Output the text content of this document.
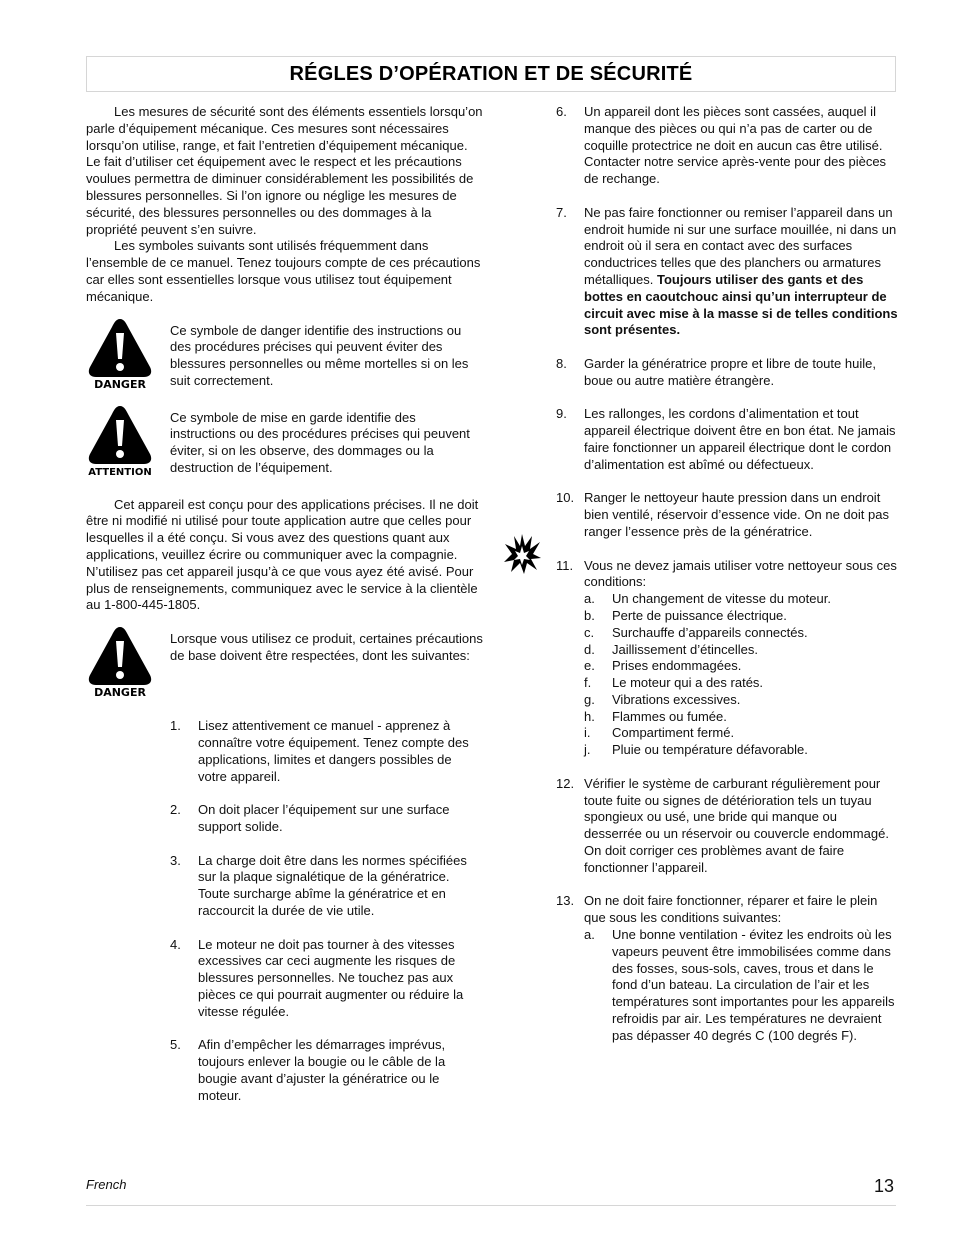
RÉGLES D’OPÉRATION ET DE SÉCURITÉ

Les mesures de sécurité sont des éléments essentiels lorsqu’on parle d’équipement mécanique. Ces mesures sont nécessaires lorsqu’on utilise, range, et fait l’entretien d’équipement mécanique. Le fait d’utiliser cet équipement avec le respect et les précautions voulues permettra de diminuer considérablement les possibilités de blessures personnelles. Si l’on ignore ou néglige les mesures de sécurité, des blessures personnelles ou des dommages à la propriété peuvent s’en suivre.

Les symboles suivants sont utilisés fréquemment dans l’ensemble de ce manuel. Tenez toujours compte de ces précautions car elles sont essentielles lorsque vous utilisez tout équipement mécanique.

DANGER

Ce symbole de danger identifie des instructions ou des procédures précises qui peuvent éviter des blessures personnelles ou même mortelles si on les suit correctement.

ATTENTION

Ce symbole de mise en garde identifie des instructions ou des procédures précises qui peuvent éviter, si on les observe, des dommages ou la destruction de l’équipement.

Cet appareil est conçu pour des applications précises. Il ne doit être ni modifié ni utilisé pour toute application autre que celles pour lesquelles il a été conçu. Si vous avez des questions quant aux applications, veuillez écrire ou communiquer avec la compagnie. N’utilisez pas cet appareil jusqu’à ce que vous ayez été avisé. Pour plus de renseignements, communiquez avec le service à la clientèle au 1-800-445-1805.

DANGER

Lorsque vous utilisez ce produit, certaines précautions de base doivent être respectées, dont les suivantes:

1. Lisez attentivement ce manuel - apprenez à connaître votre équipement. Tenez compte des applications, limites et dangers possibles de votre appareil.
2. On doit placer l’équipement sur une surface support solide.
3. La charge doit être dans les normes spécifiées sur la plaque signalétique de la génératrice. Toute surcharge abîme la génératrice et en raccourcit la durée de vie utile.
4. Le moteur ne doit pas tourner à des vitesses excessives car ceci augmente les risques de blessures personnelles. Ne touchez pas aux pièces ce qui pourrait augmenter ou réduire la vitesse régulée.
5. Afin d’empêcher les démarrages imprévus, toujours enlever la bougie ou le câble de la bougie avant d’ajuster la génératrice ou le moteur.
6. Un appareil dont les pièces sont cassées, auquel il manque des pièces ou qui n’a pas de carter ou de coquille protectrice ne doit en aucun cas être utilisé. Contacter notre service après-vente pour des pièces de rechange.
7. Ne pas faire fonctionner ou remiser l’appareil dans un endroit humide ni sur une surface mouillée, ni dans un endroit où il sera en contact avec des surfaces conductrices telles que des planchers ou armatures métalliques. Toujours utiliser des gants et des bottes en caoutchouc ainsi qu’un interrupteur de circuit avec mise à la masse si de telles conditions sont présentes.
8. Garder la génératrice propre et libre de toute huile, boue ou autre matière étrangère.
9. Les rallonges, les cordons d’alimentation et tout appareil électrique doivent être en bon état. Ne jamais faire fonctionner un appareil électrique dont le cordon d’alimentation est abîmé ou défectueux.
10. Ranger le nettoyeur haute pression dans un endroit bien ventilé, réservoir d’essence vide. On ne doit pas ranger l’essence près de la génératrice.
11. Vous ne devez jamais utiliser votre nettoyeur sous ces conditions:
a. Un changement de vitesse du moteur.
b. Perte de puissance électrique.
c. Surchauffe d’appareils connectés.
d. Jaillissement d’étincelles.
e. Prises endommagées.
f. Le moteur qui a des ratés.
g. Vibrations excessives.
h. Flammes ou fumée.
i. Compartiment fermé.
j. Pluie ou température défavorable.
12. Vérifier le système de carburant régulièrement pour toute fuite ou signes de détérioration tels un tuyau spongieux ou usé, une bride qui manque ou desserrée ou un réservoir ou couvercle endommagé. On doit corriger ces problèmes avant de faire fonctionner l’appareil.
13. On ne doit faire fonctionner, réparer et faire le plein que sous les conditions suivantes:
a. Une bonne ventilation - évitez les endroits où les vapeurs peuvent être immobilisées comme dans des fosses, sous-sols, caves, trous et dans le fond d’un bateau. La circulation de l’air et les températures sont importantes pour les appareils refroidis par air. Les températures ne devraient pas dépasser 40 degrés C (100 degrés F).
French	13
